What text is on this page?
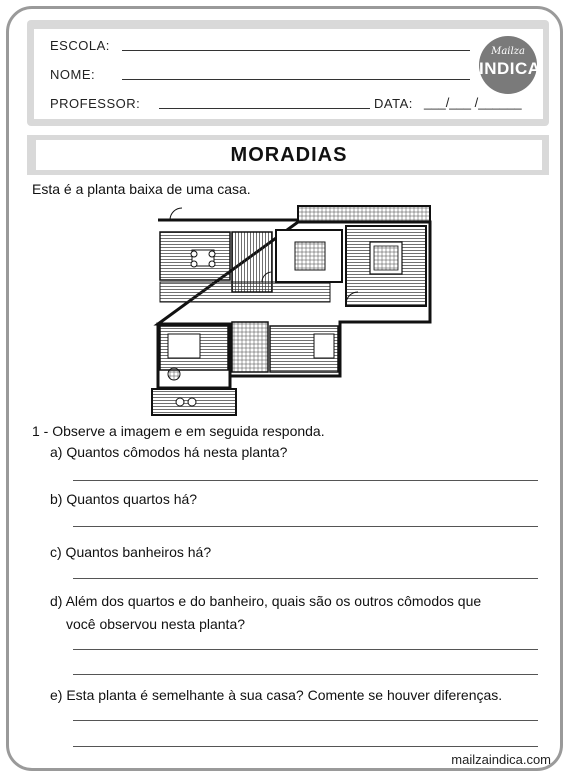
ESCOLA:
NOME:
PROFESSOR:	DATA: ___/___ /______
Mailza
INDICA
MORADIAS
Esta é a planta baixa de uma casa.
1 - Observe a imagem e em seguida responda.
a) Quantos cômodos há nesta planta?
b) Quantos quartos há?
c) Quantos banheiros há?
d) Além dos quartos e do banheiro, quais são os outros cômodos que
você observou nesta planta?
e) Esta planta é semelhante à sua casa? Comente se houver diferenças.
mailzaindica.com
